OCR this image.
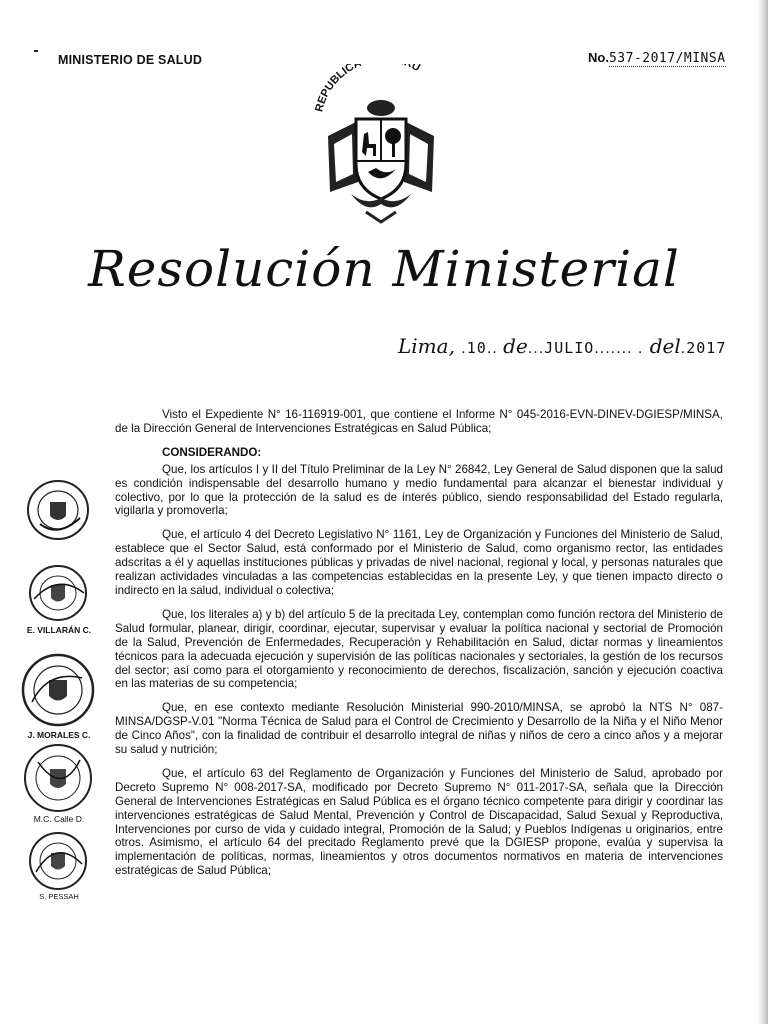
MINISTERIO DE SALUD	No.537-2017/MINSA
REPUBLICA U
Resolución Ministerial
Lima, .10.. de...JULIO....... . del.2017

Visto el Expediente N° 16-116919-001, que contiene el Informe N° 045-2016-EVN-DINEV-DGIESP/MINSA, de la Dirección General de Intervenciones Estratégicas en Salud Pública;

CONSIDERANDO:

Que, los artículos I y II del Título Preliminar de la Ley N° 26842, Ley General de Salud disponen que la salud es condición indispensable del desarrollo humano y medio fundamental para alcanzar el bienestar individual y colectivo, por lo que la protección de la salud es de interés público, siendo responsabilidad del Estado regularla, vigilarla y promoverla;

Que, el artículo 4 del Decreto Legislativo N° 1161, Ley de Organización y Funciones del Ministerio de Salud, establece que el Sector Salud, está conformado por el Ministerio de Salud, como organismo rector, las entidades adscritas a él y aquellas instituciones públicas y privadas de nivel nacional, regional y local, y personas naturales que realizan actividades vinculadas a las competencias establecidas en la presente Ley, y que tienen impacto directo o indirecto en la salud, individual o colectiva;

Que, los literales a) y b) del artículo 5 de la precitada Ley, contemplan como función rectora del Ministerio de Salud formular, planear, dirigir, coordinar, ejecutar, supervisar y evaluar la política nacional y sectorial de Promoción de la Salud, Prevención de Enfermedades, Recuperación y Rehabilitación en Salud, dictar normas y lineamientos técnicos para la adecuada ejecución y supervisión de las políticas nacionales y sectoriales, la gestión de los recursos del sector; así como para el otorgamiento y reconocimiento de derechos, fiscalización, sanción y ejecución coactiva en las materias de su competencia;

Que, en ese contexto mediante Resolución Ministerial 990-2010/MINSA, se aprobó la NTS N° 087-MINSA/DGSP-V.01 "Norma Técnica de Salud para el Control de Crecimiento y Desarrollo de la Niña y el Niño Menor de Cinco Años", con la finalidad de contribuir el desarrollo integral de niñas y niños de cero a cinco años y a mejorar su salud y nutrición;

Que, el artículo 63 del Reglamento de Organización y Funciones del Ministerio de Salud, aprobado por Decreto Supremo N° 008-2017-SA, modificado por Decreto Supremo N° 011-2017-SA, señala que la Dirección General de Intervenciones Estratégicas en Salud Pública es el órgano técnico competente para dirigir y coordinar las intervenciones estratégicas de Salud Mental, Prevención y Control de Discapacidad, Salud Sexual y Reproductiva, Intervenciones por curso de vida y cuidado integral, Promoción de la Salud; y Pueblos Indígenas u originarios, entre otros. Asimismo, el artículo 64 del precitado Reglamento prevé que la DGIESP propone, evalúa y supervisa la implementación de políticas, normas, lineamientos y otros documentos normativos en materia de intervenciones estratégicas de Salud Pública;

E. VILLARÁN C.
J. MORALES C.
M.C. Calle D.
S. PESSAH
